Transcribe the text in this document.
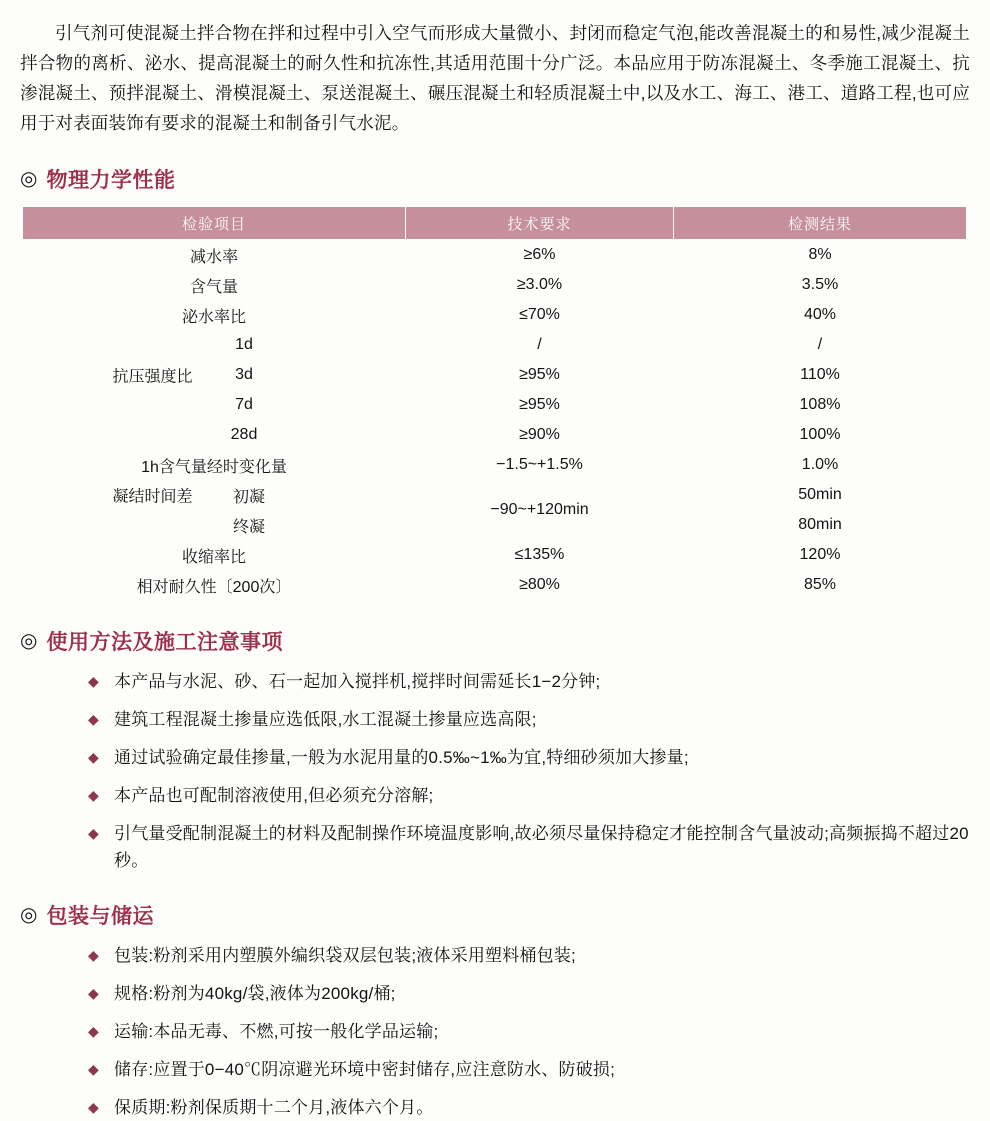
引气剂可使混凝土拌合物在拌和过程中引入空气而形成大量微小、封闭而稳定气泡,能改善混凝土的和易性,减少混凝土拌合物的离析、泌水、提高混凝土的耐久性和抗冻性,其适用范围十分广泛。本品应用于防冻混凝土、冬季施工混凝土、抗渗混凝土、预拌混凝土、滑模混凝土、泵送混凝土、碾压混凝土和轻质混凝土中,以及水工、海工、港工、道路工程,也可应用于对表面装饰有要求的混凝土和制备引气水泥。

◎ 物理力学性能
检验项目	技术要求	检测结果
减水率	≥6%	8%
含气量	≥3.0%	3.5%
泌水率比	≤70%	40%
1d	/	/

抗压强度比 3d	≥95%	110%
7d	≥95%	108%
28d	≥90%	100%
1h含气量经时变化量	−1.5~+1.5%	1.0%

凝结时间差 初凝	−90~+120min	50min
终凝		80min
收缩率比	≤135%	120%
相对耐久性〔200次〕	≥80%	85%
◎ 使用方法及施工注意事项
◆ 本产品与水泥、砂、石一起加入搅拌机,搅拌时间需延长1−2分钟;
◆ 建筑工程混凝土掺量应选低限,水工混凝土掺量应选高限;
◆ 通过试验确定最佳掺量,一般为水泥用量的0.5‰~1‰为宜,特细砂须加大掺量;
◆ 本产品也可配制溶液使用,但必须充分溶解;
◆ 引气量受配制混凝土的材料及配制操作环境温度影响,故必须尽量保持稳定才能控制含气量波动;高频振捣不超过20秒。
◎ 包装与储运
◆ 包装:粉剂采用内塑膜外编织袋双层包装;液体采用塑料桶包装;
◆ 规格:粉剂为40kg/袋,液体为200kg/桶;
◆ 运输:本品无毒、不燃,可按一般化学品运输;
◆ 储存:应置于0−40℃阴凉避光环境中密封储存,应注意防水、防破损;
◆ 保质期:粉剂保质期十二个月,液体六个月。
